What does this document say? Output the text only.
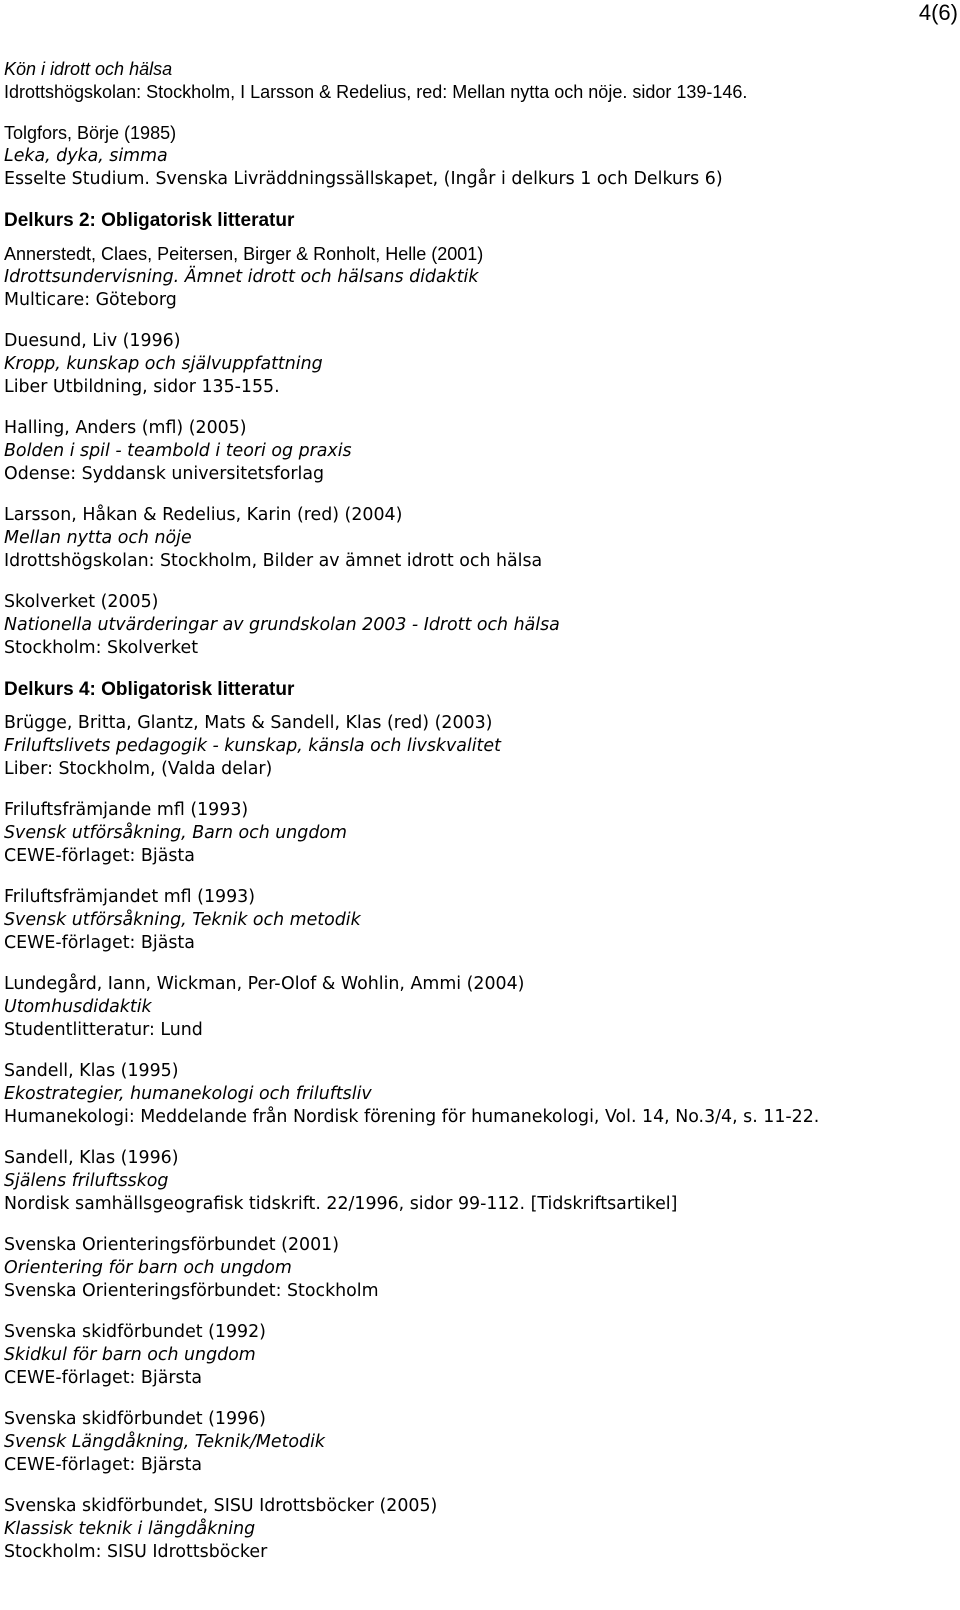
4(6)
Kön i idrott och hälsa
Idrottshögskolan: Stockholm, I Larsson & Redelius, red: Mellan nytta och nöje. sidor 139-146.
Tolgfors, Börje (1985)
Leka, dyka, simma
Esselte Studium. Svenska Livräddningssällskapet, (Ingår i delkurs 1 och Delkurs 6)
Delkurs 2: Obligatorisk litteratur
Annerstedt, Claes, Peitersen, Birger & Ronholt, Helle (2001)
Idrottsundervisning. Ämnet idrott och hälsans didaktik
Multicare: Göteborg
Duesund, Liv (1996)
Kropp, kunskap och självuppfattning
Liber Utbildning, sidor 135-155.
Halling, Anders (mfl) (2005)
Bolden i spil - teambold i teori og praxis
Odense: Syddansk universitetsforlag
Larsson, Håkan & Redelius, Karin (red) (2004)
Mellan nytta och nöje
Idrottshögskolan: Stockholm, Bilder av ämnet idrott och hälsa
Skolverket (2005)
Nationella utvärderingar av grundskolan 2003 - Idrott och hälsa
Stockholm: Skolverket
Delkurs 4: Obligatorisk litteratur
Brügge, Britta, Glantz, Mats & Sandell, Klas (red) (2003)
Friluftslivets pedagogik - kunskap, känsla och livskvalitet
Liber: Stockholm, (Valda delar)
Friluftsfrämjande mfl (1993)
Svensk utförsåkning, Barn och ungdom
CEWE-förlaget: Bjästa
Friluftsfrämjandet mfl (1993)
Svensk utförsåkning, Teknik och metodik
CEWE-förlaget: Bjästa
Lundegård, Iann, Wickman, Per-Olof & Wohlin, Ammi (2004)
Utomhusdidaktik
Studentlitteratur: Lund
Sandell, Klas (1995)
Ekostrategier, humanekologi och friluftsliv
Humanekologi: Meddelande från Nordisk förening för humanekologi, Vol. 14, No.3/4, s. 11-22.
Sandell, Klas (1996)
Själens friluftsskog
Nordisk samhällsgeografisk tidskrift. 22/1996, sidor 99-112. [Tidskriftsartikel]
Svenska Orienteringsförbundet (2001)
Orientering för barn och ungdom
Svenska Orienteringsförbundet: Stockholm
Svenska skidförbundet (1992)
Skidkul för barn och ungdom
CEWE-förlaget: Bjärsta
Svenska skidförbundet (1996)
Svensk Längdåkning, Teknik/Metodik
CEWE-förlaget: Bjärsta
Svenska skidförbundet, SISU Idrottsböcker (2005)
Klassisk teknik i längdåkning
Stockholm: SISU Idrottsböcker
